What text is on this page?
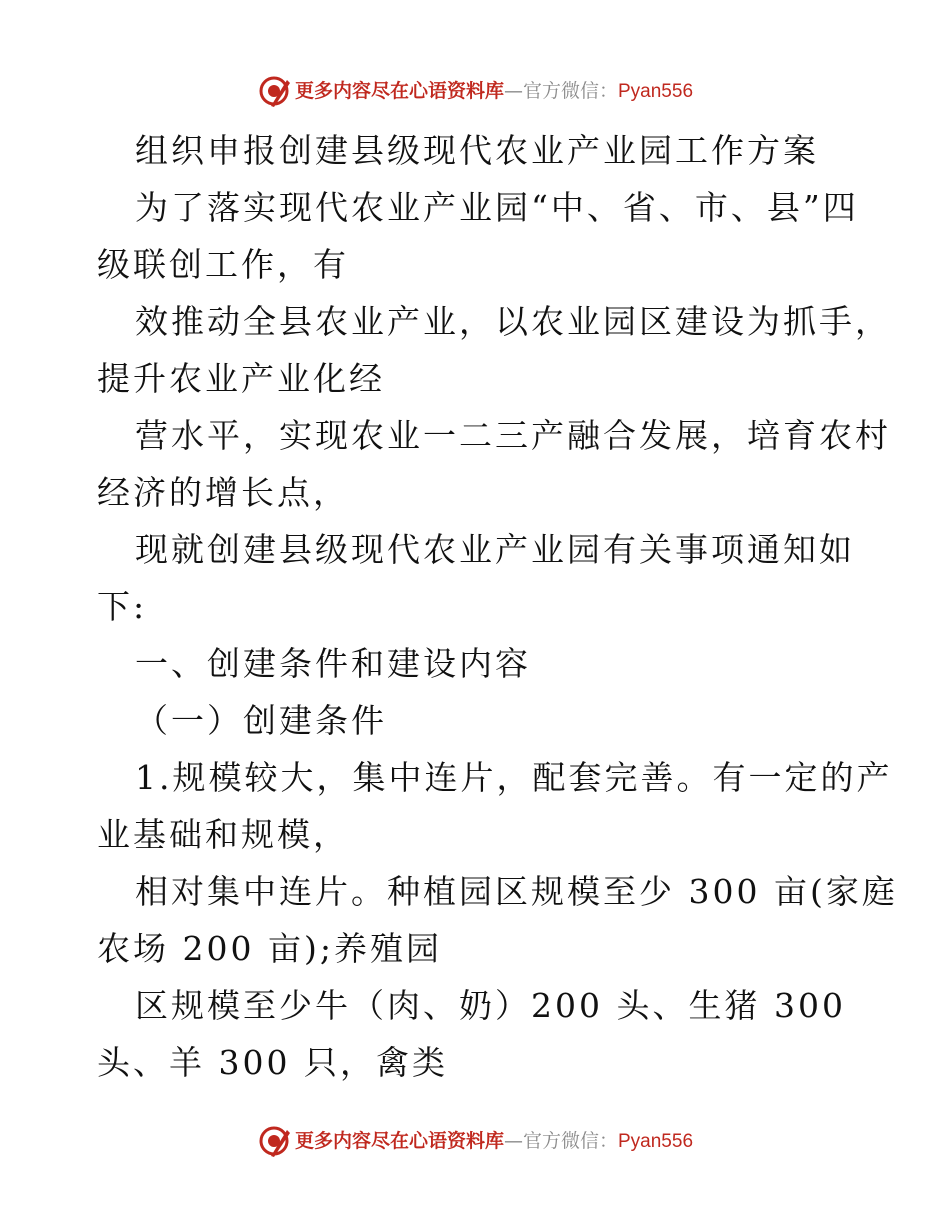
更多内容尽在心语资料库 — 官方微信： Pyan556
组织申报创建县级现代农业产业园工作方案
为了落实现代农业产业园“中、省、市、县”四
级联创工作，有
效推动全县农业产业，以农业园区建设为抓手，
提升农业产业化经
营水平，实现农业一二三产融合发展，培育农村
经济的增长点，
现就创建县级现代农业产业园有关事项通知如
下:
一、创建条件和建设内容
（一）创建条件
1.规模较大，集中连片，配套完善。有一定的产
业基础和规模，
相对集中连片。种植园区规模至少 300 亩(家庭
农场 200 亩);养殖园
区规模至少牛（肉、奶）200 头、生猪 300
头、羊 300 只，禽类
更多内容尽在心语资料库 — 官方微信： Pyan556
